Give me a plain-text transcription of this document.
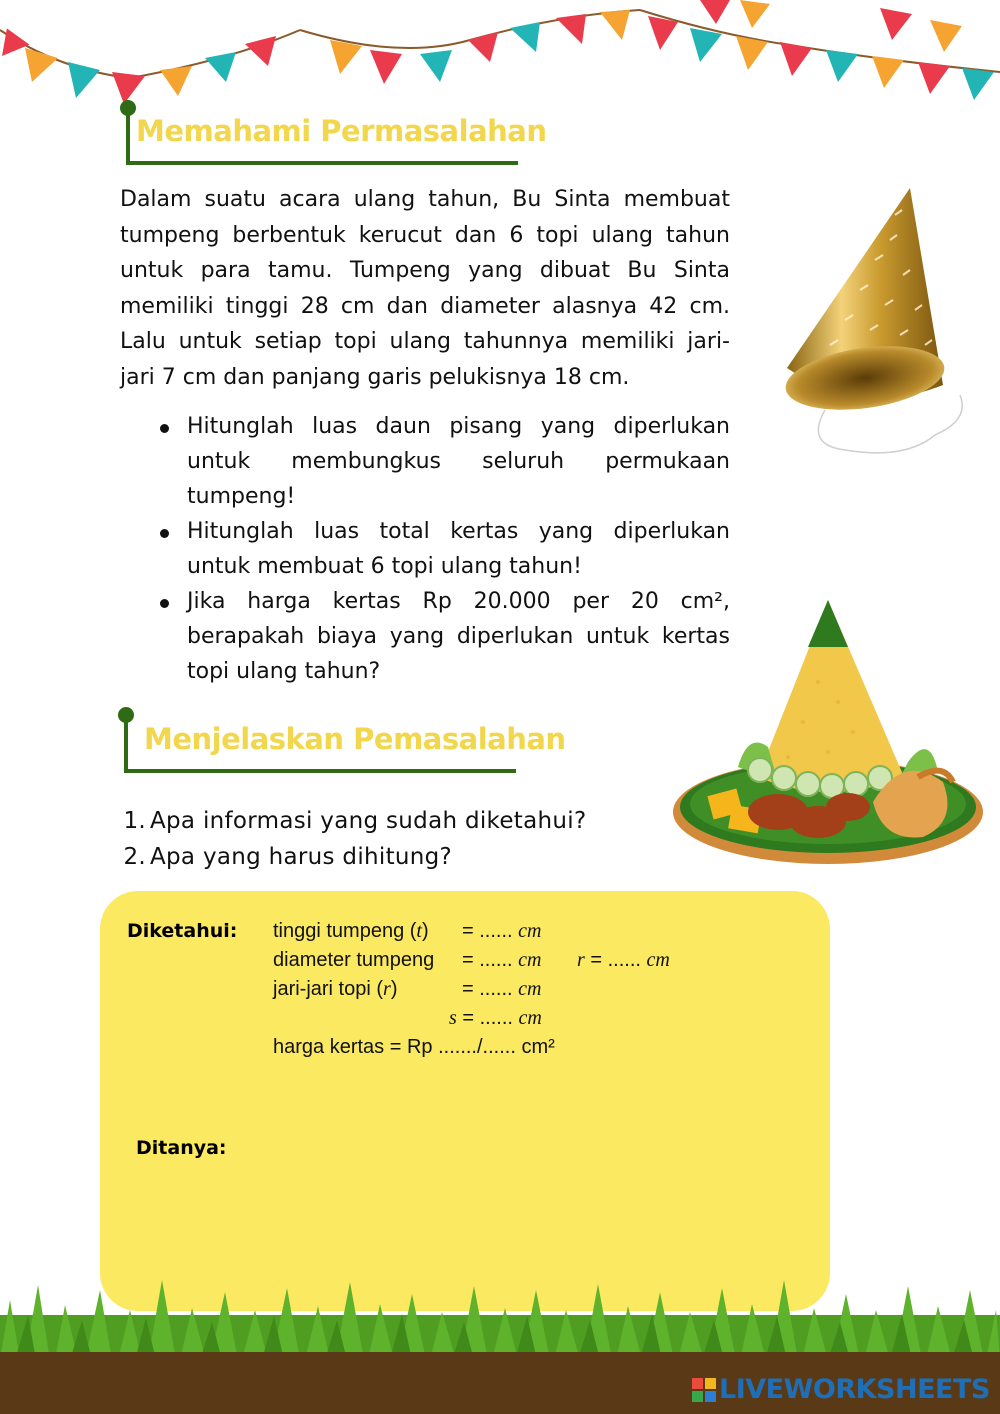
Memahami Permasalahan
Dalam suatu acara ulang tahun, Bu Sinta membuat
tumpeng berbentuk kerucut dan 6 topi ulang tahun
untuk para tamu. Tumpeng yang dibuat Bu Sinta
memiliki tinggi 28 cm dan diameter alasnya 42 cm.
Lalu untuk setiap topi ulang tahunnya memiliki jari-
jari 7 cm dan panjang garis pelukisnya 18 cm.
Hitunglah luas daun pisang yang diperlukan untuk membungkus seluruh permukaan tumpeng!
Hitunglah luas total kertas yang diperlukan untuk membuat 6 topi ulang tahun!
Jika harga kertas Rp 20.000 per 20 cm², berapakah biaya yang diperlukan untuk kertas topi ulang tahun?
Menjelaskan Pemasalahan
1. Apa informasi yang sudah diketahui?
2. Apa yang harus dihitung?
Diketahui: tinggi tumpeng (t) = ...... cm
diameter tumpeng = ...... cm r = ...... cm
jari-jari topi (r)	= ...... cm
s = ...... cm
harga kertas = Rp ......./...... cm²
Ditanya:
LIVEWORKSHEETS
